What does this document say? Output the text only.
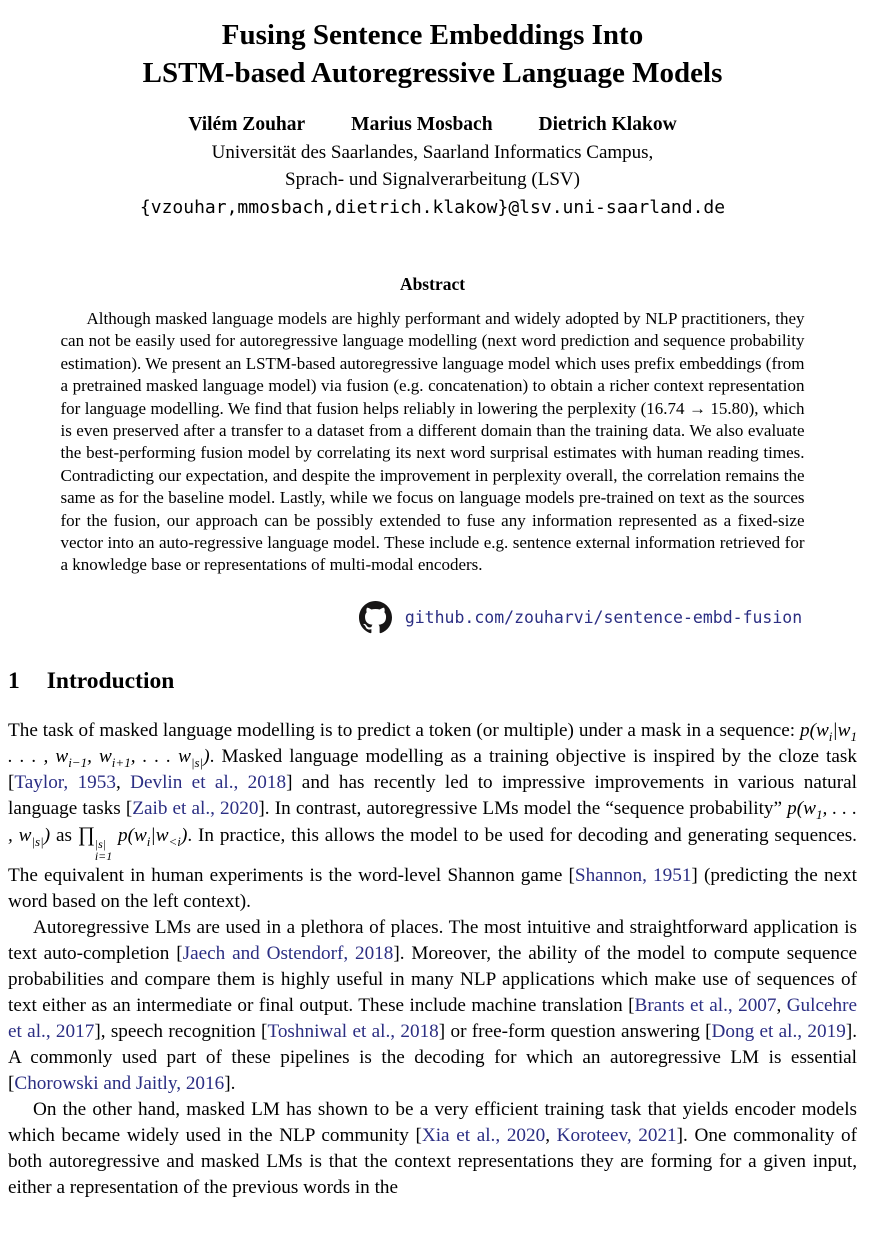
Fusing Sentence Embeddings Into
LSTM-based Autoregressive Language Models
Vilém Zouhar Marius Mosbach Dietrich Klakow
Universität des Saarlandes, Saarland Informatics Campus,
Sprach- und Signalverarbeitung (LSV)
{vzouhar,mmosbach,dietrich.klakow}@lsv.uni-saarland.de
Abstract

Although masked language models are highly performant and widely adopted by NLP practitioners, they can not be easily used for autoregressive language modelling (next word prediction and sequence probability estimation). We present an LSTM-based autoregressive language model which uses prefix embeddings (from a pretrained masked language model) via fusion (e.g. concatenation) to obtain a richer context representation for language modelling. We find that fusion helps reliably in lowering the perplexity (16.74 → 15.80), which is even preserved after a transfer to a dataset from a different domain than the training data. We also evaluate the best-performing fusion model by correlating its next word surprisal estimates with human reading times. Contradicting our expectation, and despite the improvement in perplexity overall, the correlation remains the same as for the baseline model. Lastly, while we focus on language models pre-trained on text as the sources for the fusion, our approach can be possibly extended to fuse any information represented as a fixed-size vector into an auto-regressive language model. These include e.g. sentence external information retrieved for a knowledge base or representations of multi-modal encoders.

github.com/zouharvi/sentence-embd-fusion
1 Introduction

The task of masked language modelling is to predict a token (or multiple) under a mask in a sequence: $p(w_i|w_1$ . . . , $w_{i-1}$, $w_{i+1}$, . . . $w_{|s|}$). Masked language modelling as a training objective is inspired by the cloze task [Taylor, 1953, Devlin et al., 2018] and has recently led to impressive improvements in various natural language tasks [Zaib et al., 2020]. In contrast, autoregressive LMs model the “sequence probability” $p(w_1$, . . . , $w_{|s|}$) as ∏ |s|
i=1
$p(w_i|w_{<i})$. In practice, this allows the model to be used for decoding and generating sequences. The equivalent in human experiments is the word-level Shannon game [Shannon, 1951] (predicting the next word based on the left context).

Autoregressive LMs are used in a plethora of places. The most intuitive and straightforward application is text auto-completion [Jaech and Ostendorf, 2018]. Moreover, the ability of the model to compute sequence probabilities and compare them is highly useful in many NLP applications which make use of sequences of text either as an intermediate or final output. These include machine translation [Brants et al., 2007, Gulcehre et al., 2017], speech recognition [Toshniwal et al., 2018] or free-form question answering [Dong et al., 2019]. A commonly used part of these pipelines is the decoding for which an autoregressive LM is essential [Chorowski and Jaitly, 2016].

On the other hand, masked LM has shown to be a very efficient training task that yields encoder models which became widely used in the NLP community [Xia et al., 2020, Koroteev, 2021]. One commonality of both autoregressive and masked LMs is that the context representations they are forming for a given input, either a representation of the previous words in the
